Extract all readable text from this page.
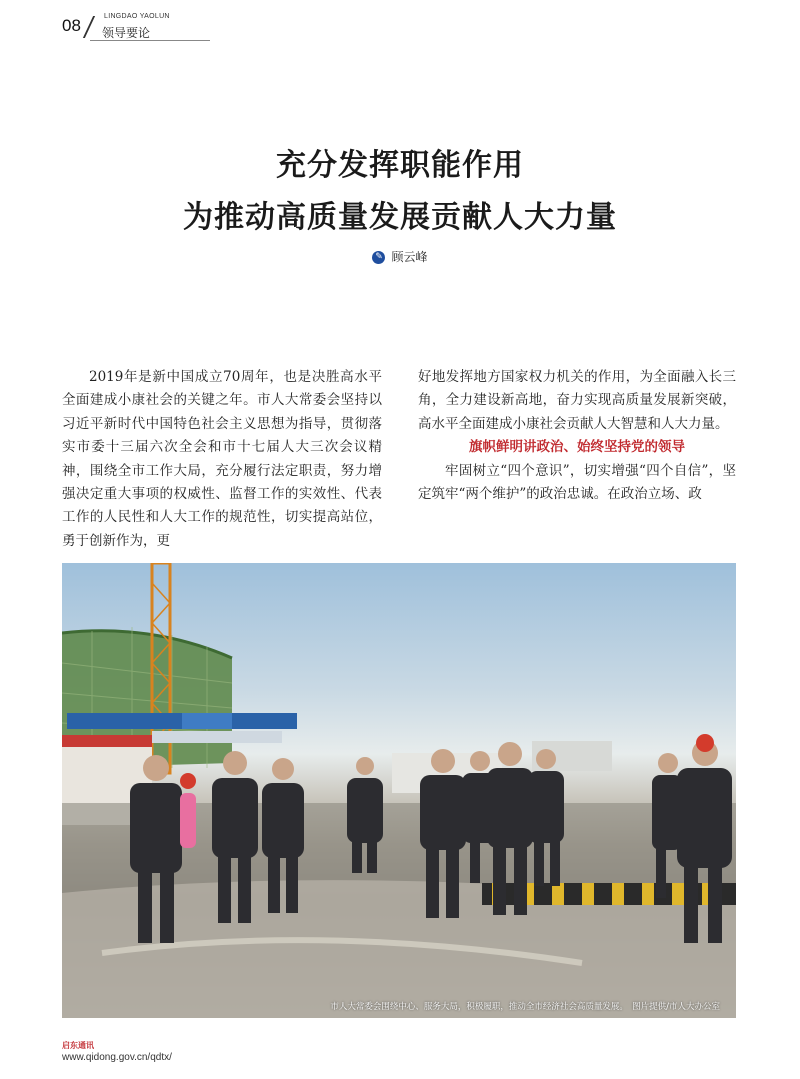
08	LINGDAO YAOLUN
领导要论
充分发挥职能作用
为推动高质量发展贡献人大力量
✎ 顾云峰

2019年是新中国成立70周年，也是决胜高水平全面建成小康社会的关键之年。市人大常委会坚持以习近平新时代中国特色社会主义思想为指导，贯彻落实市委十三届六次全会和市十七届人大三次会议精神，围绕全市工作大局，充分履行法定职责，努力增强决定重大事项的权威性、监督工作的实效性、代表工作的人民性和人大工作的规范性，切实提高站位，勇于创新作为，更

好地发挥地方国家权力机关的作用，为全面融入长三角，全力建设新高地，奋力实现高质量发展新突破，高水平全面建成小康社会贡献人大智慧和人大力量。

旗帜鲜明讲政治、始终坚持党的领导

牢固树立“四个意识”，切实增强“四个自信”，坚定筑牢“两个维护”的政治忠诚。在政治立场、政

市人大常委会围绕中心、服务大局，积极履职，推动全市经济社会高质量发展。　图片提供/市人大办公室
启东通讯
www.qidong.gov.cn/qdtx/
